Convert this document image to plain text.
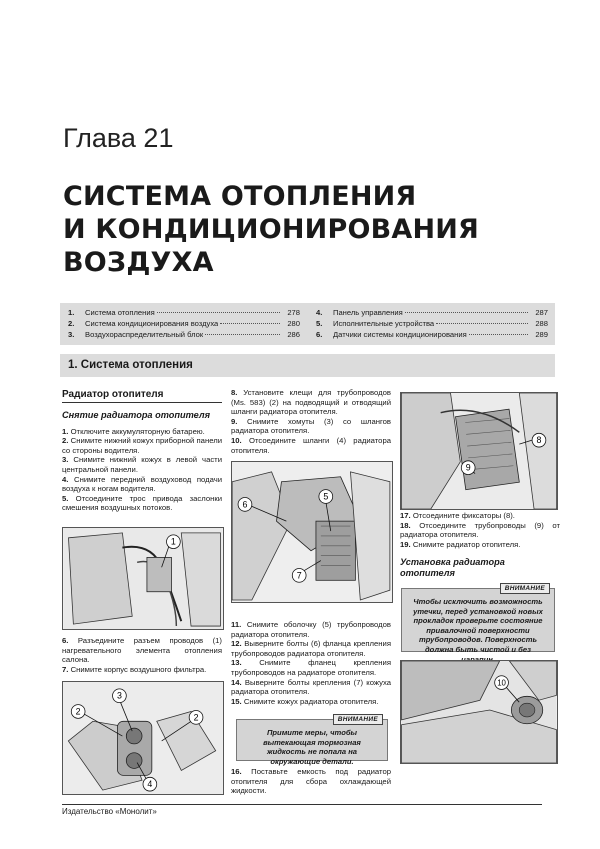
Глава 21
СИСТЕМА ОТОПЛЕНИЯ
И КОНДИЦИОНИРОВАНИЯ
ВОЗДУХА
1.	Система отопления	278
2.	Система кондиционирования воздуха	280
3.	Воздухораспределительный блок	286
4.	Панель управления	287
5.	Исполнительные устройства	288
6.	Датчики системы кондиционирования	289
1. Система отопления
Радиатор отопителя
Снятие радиатора отопителя
1. Отключите аккумуляторную батарею.
2. Снимите нижний кожух приборной панели со стороны водителя.
3. Снимите нижний кожух в левой части центральной панели.
4. Снимите передний воздуховод подачи воздуха к ногам водителя.
5. Отсоедините трос привода заслонки смешения воздушных потоков.
1
6. Разъедините разъем проводов (1) нагревательного элемента отопления салона.
7. Снимите корпус воздушного фильтра.
2
3
4
2
8. Установите клещи для трубопроводов (Ms. 583) (2) на подводящий и отводящий шланги радиатора отопителя.
9. Снимите хомуты (3) со шлангов радиатора отопителя.
10. Отсоедините шланги (4) радиатора отопителя.
6
5
7
11. Снимите оболочку (5) трубопроводов радиатора отопителя.
12. Выверните болты (6) фланца крепления трубопроводов радиатора отопителя.
13. Снимите фланец крепления трубопроводов на радиаторе отопителя.
14. Выверните болты крепления (7) кожуха радиатора отопителя.
15. Снимите кожух радиатора отопителя.
ВНИМАНИЕ
Примите меры, чтобы вытекающая тормозная жидкость не попала на окружающие детали.
16. Поставьте емкость под радиатор отопителя для сбора охлаждающей жидкости.
8
9
17. Отсоедините фиксаторы (8).
18. Отсоедините трубопроводы (9) от радиатора отопителя.
19. Снимите радиатор отопителя.
Установка радиатора отопителя
ВНИМАНИЕ
Чтобы исключить возможность утечки, перед установкой новых прокладок проверьте состояние привалочной поверхности трубопроводов. Поверхность должна быть чистой и без
10
Издательство «Монолит»
